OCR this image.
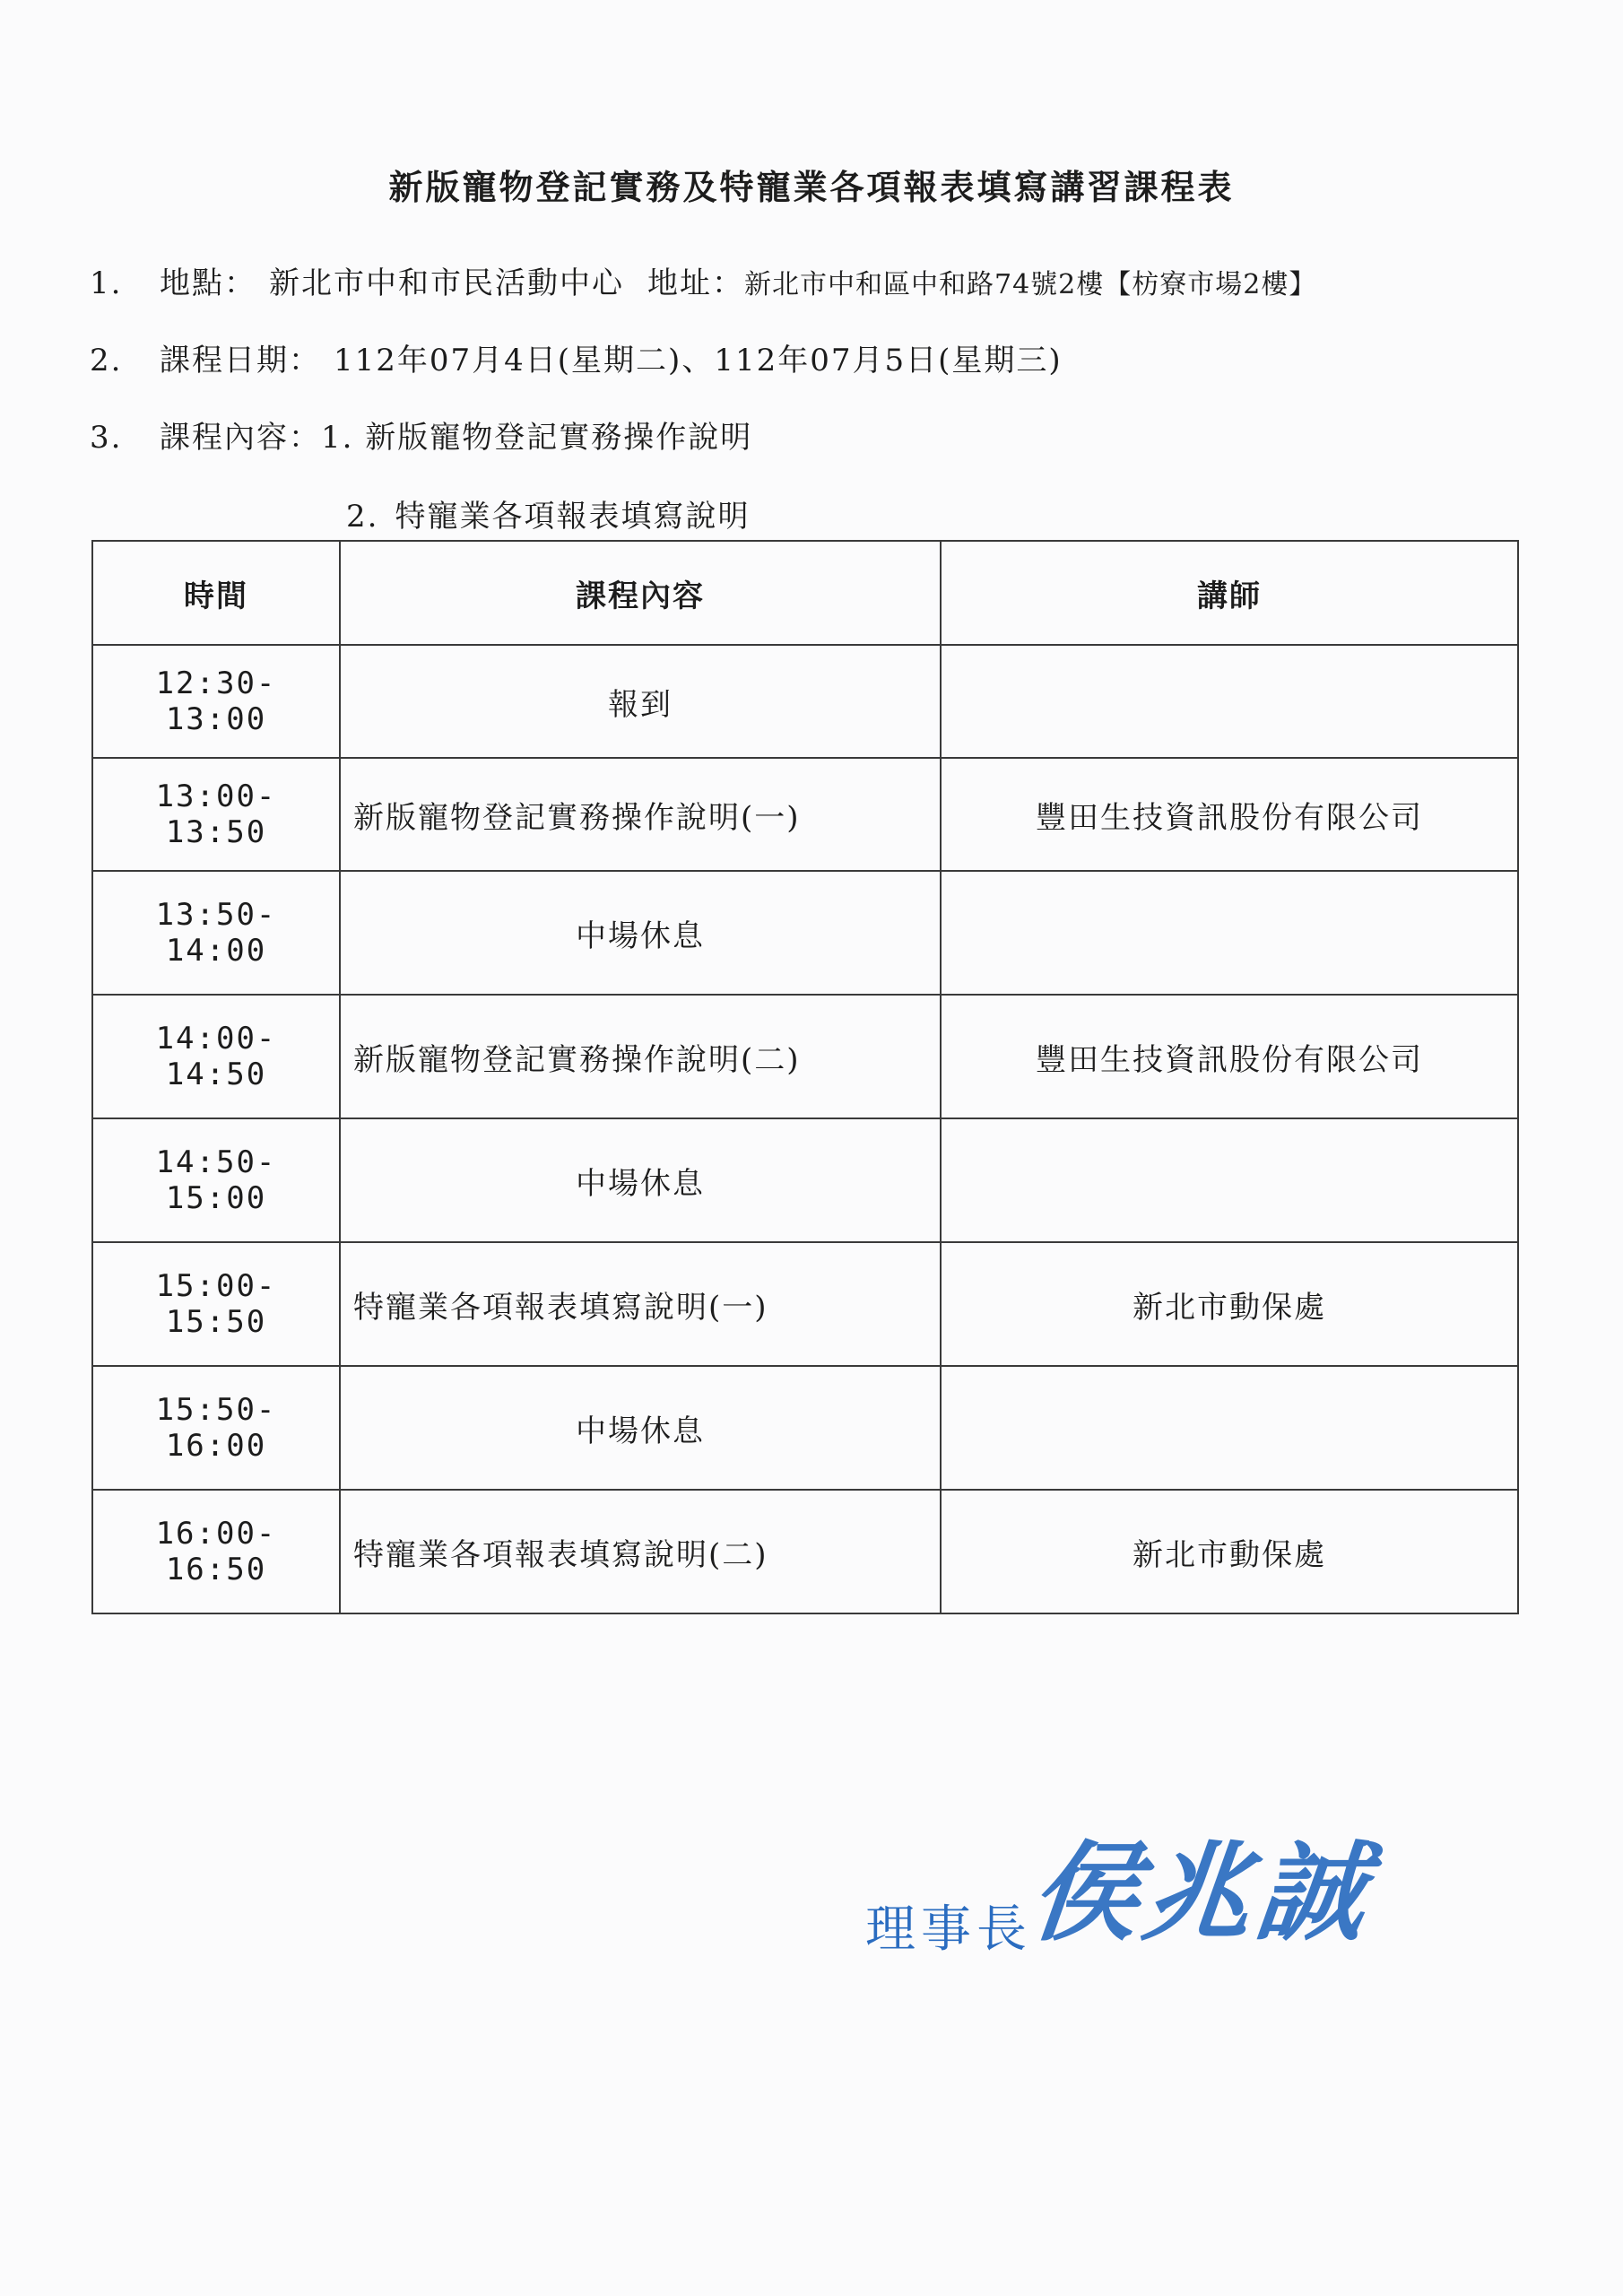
新版寵物登記實務及特寵業各項報表填寫講習課程表
1. 地點： 新北市中和市民活動中心 地址：新北市中和區中和路74號2樓【枋寮市場2樓】
2. 課程日期： 112年07月4日(星期二)、112年07月5日(星期三)
3. 課程內容：1. 新版寵物登記實務操作說明
2. 特寵業各項報表填寫說明
時間	課程內容	講師
12:30-13:00	報到	
13:00-13:50	新版寵物登記實務操作說明(一)	豐田生技資訊股份有限公司
13:50-14:00	中場休息	
14:00-14:50	新版寵物登記實務操作說明(二)	豐田生技資訊股份有限公司
14:50-15:00	中場休息	
15:00-15:50	特寵業各項報表填寫說明(一)	新北市動保處
15:50-16:00	中場休息	
16:00-16:50	特寵業各項報表填寫說明(二)	新北市動保處
理事長侯兆誠
